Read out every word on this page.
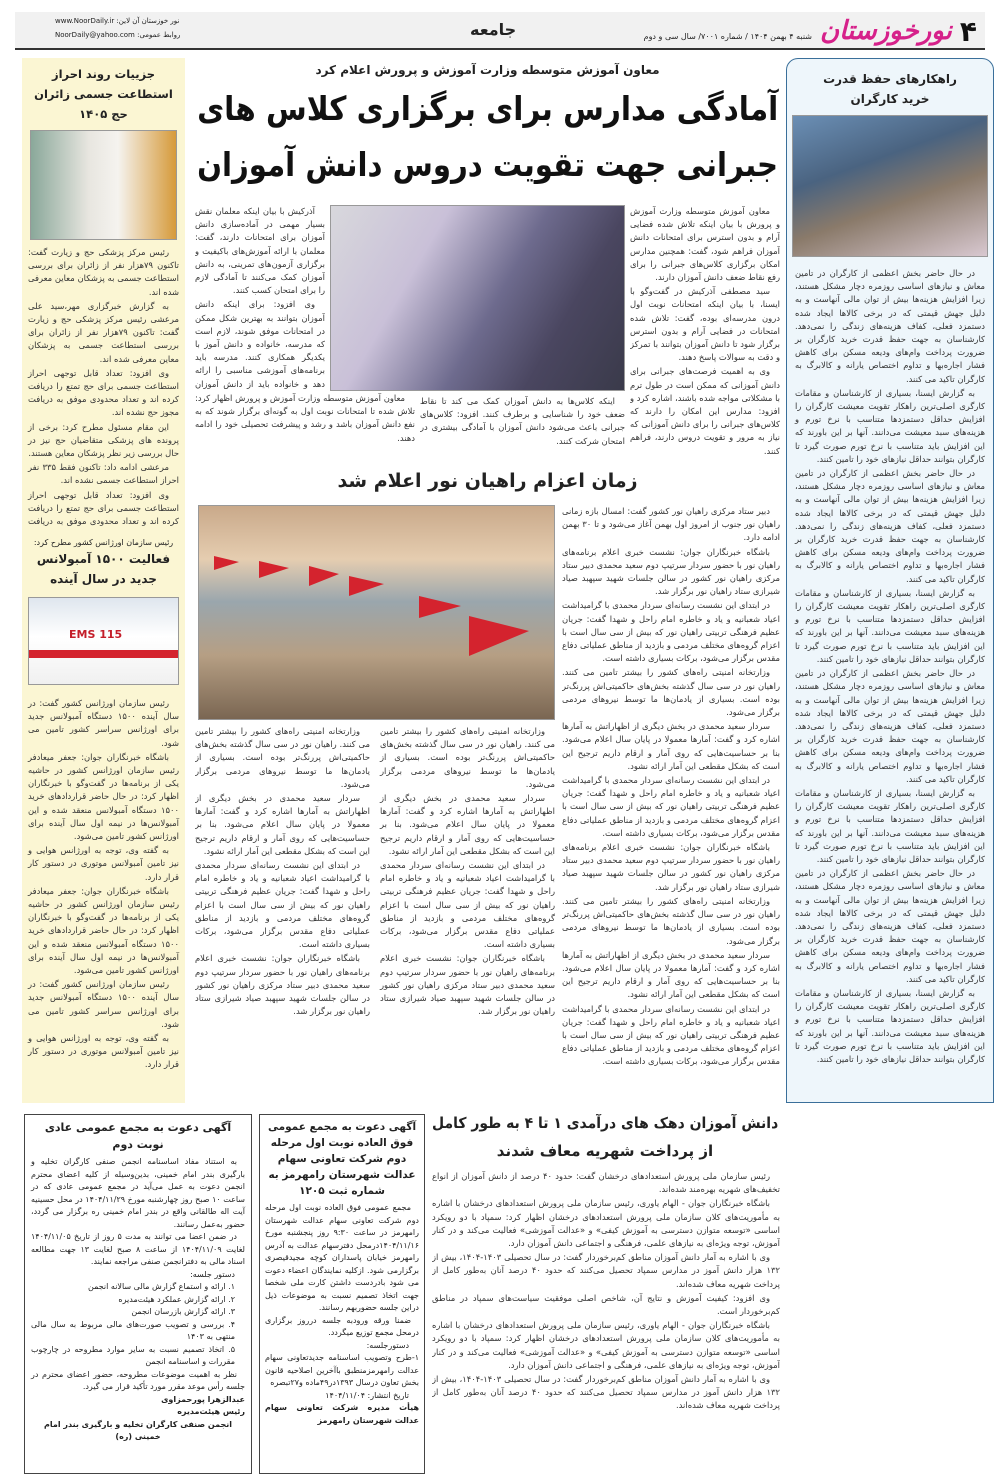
۴
نورخوزستان
شنبه ۴ بهمن ۱۴۰۴ / شماره ۷۰۰۱/ سال سی و دوم
جامعه
نور خوزستان آن لاین: www.NoorDaily.ir
روابط عمومی: NoorDaily@yahoo.com
راهکارهای حفظ قدرت خرید کارگران

در حال حاضر بخش اعظمی از کارگران در تامین معاش و نیازهای اساسی روزمره دچار مشکل هستند، زیرا افزایش هزینه‌ها بیش از توان مالی آنهاست و به دلیل جهش قیمتی که در برخی کالاها ایجاد شده دستمزد فعلی، کفاف هزینه‌های زندگی را نمی‌دهد. کارشناسان به جهت حفظ قدرت خرید کارگران بر ضرورت پرداخت وام‌های ودیعه مسکن برای کاهش فشار اجاره‌بها و تداوم اختصاص یارانه و کالابرگ به کارگران تاکید می کنند.

به گزارش ایسنا، بسیاری از کارشناسان و مقامات کارگری اصلی‌ترین راهکار تقویت معیشت کارگران را افزایش حداقل دستمزدها متناسب با نرخ تورم و هزینه‌های سبد معیشت می‌دانند. آنها بر این باورند که این افزایش باید متناسب با نرخ تورم صورت گیرد تا کارگران بتوانند حداقل نیازهای خود را تامین کنند.

در حال حاضر بخش اعظمی از کارگران در تامین معاش و نیازهای اساسی روزمره دچار مشکل هستند، زیرا افزایش هزینه‌ها بیش از توان مالی آنهاست و به دلیل جهش قیمتی که در برخی کالاها ایجاد شده دستمزد فعلی، کفاف هزینه‌های زندگی را نمی‌دهد. کارشناسان به جهت حفظ قدرت خرید کارگران بر ضرورت پرداخت وام‌های ودیعه مسکن برای کاهش فشار اجاره‌بها و تداوم اختصاص یارانه و کالابرگ به کارگران تاکید می کنند.

به گزارش ایسنا، بسیاری از کارشناسان و مقامات کارگری اصلی‌ترین راهکار تقویت معیشت کارگران را افزایش حداقل دستمزدها متناسب با نرخ تورم و هزینه‌های سبد معیشت می‌دانند. آنها بر این باورند که این افزایش باید متناسب با نرخ تورم صورت گیرد تا کارگران بتوانند حداقل نیازهای خود را تامین کنند.

در حال حاضر بخش اعظمی از کارگران در تامین معاش و نیازهای اساسی روزمره دچار مشکل هستند، زیرا افزایش هزینه‌ها بیش از توان مالی آنهاست و به دلیل جهش قیمتی که در برخی کالاها ایجاد شده دستمزد فعلی، کفاف هزینه‌های زندگی را نمی‌دهد. کارشناسان به جهت حفظ قدرت خرید کارگران بر ضرورت پرداخت وام‌های ودیعه مسکن برای کاهش فشار اجاره‌بها و تداوم اختصاص یارانه و کالابرگ به کارگران تاکید می کنند.

به گزارش ایسنا، بسیاری از کارشناسان و مقامات کارگری اصلی‌ترین راهکار تقویت معیشت کارگران را افزایش حداقل دستمزدها متناسب با نرخ تورم و هزینه‌های سبد معیشت می‌دانند. آنها بر این باورند که این افزایش باید متناسب با نرخ تورم صورت گیرد تا کارگران بتوانند حداقل نیازهای خود را تامین کنند.

در حال حاضر بخش اعظمی از کارگران در تامین معاش و نیازهای اساسی روزمره دچار مشکل هستند، زیرا افزایش هزینه‌ها بیش از توان مالی آنهاست و به دلیل جهش قیمتی که در برخی کالاها ایجاد شده دستمزد فعلی، کفاف هزینه‌های زندگی را نمی‌دهد. کارشناسان به جهت حفظ قدرت خرید کارگران بر ضرورت پرداخت وام‌های ودیعه مسکن برای کاهش فشار اجاره‌بها و تداوم اختصاص یارانه و کالابرگ به کارگران تاکید می کنند.

به گزارش ایسنا، بسیاری از کارشناسان و مقامات کارگری اصلی‌ترین راهکار تقویت معیشت کارگران را افزایش حداقل دستمزدها متناسب با نرخ تورم و هزینه‌های سبد معیشت می‌دانند. آنها بر این باورند که این افزایش باید متناسب با نرخ تورم صورت گیرد تا کارگران بتوانند حداقل نیازهای خود را تامین کنند.

جزییات روند احراز استطاعت جسمی زائران حج ۱۴۰۵

رئیس مرکز پزشکی حج و زیارت گفت: تاکنون ۷۹هزار نفر از زائران برای بررسی استطاعت جسمی به پزشکان معاین معرفی شده اند.

به گزارش خبرگزاری مهر،سید علی مرعشی رئیس مرکز پزشکی حج و زیارت گفت: تاکنون ۷۹هزار نفر از زائران برای بررسی استطاعت جسمی به پزشکان معاین معرفی شده اند.

وی افزود: تعداد قابل توجهی احراز استطاعت جسمی برای حج تمتع را دریافت کرده اند و تعداد محدودی موفق به دریافت مجوز حج نشده اند.

این مقام مسئول مطرح کرد: برخی از پرونده های پزشکی متقاضیان حج نیز در حال بررسی زیر نظر پزشکان معاین هستند.

مرعشی ادامه داد: تاکنون فقط ۳۳۵ نفر احراز استطاعت جسمی نشده اند.

وی افزود: تعداد قابل توجهی احراز استطاعت جسمی برای حج تمتع را دریافت کرده اند و تعداد محدودی موفق به دریافت

رئیس سازمان اورژانس کشور مطرح کرد:
فعالیت ۱۵۰۰ آمبولانس جدید در سال آینده
EMS 115

رئیس سازمان اورژانس کشور گفت: در سال آینده ۱۵۰۰ دستگاه آمبولانس جدید برای اورژانس سراسر کشور تامین می شود.

باشگاه خبرنگاران جوان: جعفر میعادفر رئیس سازمان اورژانس کشور در حاشیه یکی از برنامه‌ها در گفت‌وگو با خبرنگاران اظهار کرد: در حال حاضر قراردادهای خرید ۱۵۰۰ دستگاه آمبولانس منعقد شده و این آمبولانس‌ها در نیمه اول سال آینده برای اورژانس کشور تامین می‌شود.

به گفته وی، توجه به اورژانس هوایی و نیز تامین آمبولانس موتوری در دستور کار قرار دارد.

باشگاه خبرنگاران جوان: جعفر میعادفر رئیس سازمان اورژانس کشور در حاشیه یکی از برنامه‌ها در گفت‌وگو با خبرنگاران اظهار کرد: در حال حاضر قراردادهای خرید ۱۵۰۰ دستگاه آمبولانس منعقد شده و این آمبولانس‌ها در نیمه اول سال آینده برای اورژانس کشور تامین می‌شود.

رئیس سازمان اورژانس کشور گفت: در سال آینده ۱۵۰۰ دستگاه آمبولانس جدید برای اورژانس سراسر کشور تامین می شود.

به گفته وی، توجه به اورژانس هوایی و نیز تامین آمبولانس موتوری در دستور کار قرار دارد.

معاون آموزش متوسطه وزارت آموزش و پرورش اعلام کرد
آمادگی مدارس برای برگزاری کلاس های
جبرانی جهت تقویت دروس دانش آموزان

معاون آموزش متوسطه وزارت آموزش و پرورش با بیان اینکه تلاش شده فضایی آرام و بدون استرس برای امتحانات دانش آموزان فراهم شود، گفت: همچنین مدارس امکان برگزاری کلاس‌های جبرانی را برای رفع نقاط ضعف دانش آموزان دارند.

سید مصطفی آذرکیش در گفت‌وگو با ایسنا، با بیان اینکه امتحانات نوبت اول درون مدرسه‌ای بوده، گفت: تلاش شده امتحانات در فضایی آرام و بدون استرس برگزار شود تا دانش آموزان بتوانند با تمرکز و دقت به سوالات پاسخ دهند.

وی به اهمیت فرصت‌های جبرانی برای دانش آموزانی که ممکن است در طول ترم با مشکلاتی مواجه شده باشند، اشاره کرد و افزود: مدارس این امکان را دارند که کلاس‌های جبرانی را برای دانش آموزانی که نیاز به مرور و تقویت دروس دارند، فراهم کنند.

اینکه کلاس‌ها به دانش آموزان کمک می کند تا نقاط ضعف خود را شناسایی و برطرف کنند. افزود: کلاس‌های جبرانی باعث می‌شود دانش آموزان با آمادگی بیشتری در امتحان شرکت کنند.

آذرکیش با بیان اینکه معلمان نقش بسیار مهمی در آماده‌سازی دانش آموزان برای امتحانات دارند، گفت: معلمان با ارائه آموزش‌های باکیفیت و برگزاری آزمون‌های تمرینی، به دانش آموزان کمک می‌کنند تا آمادگی لازم را برای امتحان کسب کنند.

وی افزود: برای اینکه دانش آموزان بتوانند به بهترین شکل ممکن در امتحانات موفق شوند، لازم است که مدرسه، خانواده و دانش آموز با یکدیگر همکاری کنند. مدرسه باید برنامه‌های آموزشی مناسبی را ارائه دهد و خانواده باید از دانش آموزان

معاون آموزش متوسطه وزارت آموزش و پرورش اظهار کرد: تلاش شده تا امتحانات نوبت اول به گونه‌ای برگزار شوند که به نفع دانش آموزان باشد و رشد و پیشرفت تحصیلی خود را ادامه دهند.

زمان اعزام راهیان نور اعلام شد

دبیر ستاد مرکزی راهیان نور کشور گفت: امسال بازه زمانی راهیان نور جنوب از امروز اول بهمن آغاز می‌شود و تا ۳۰ بهمن ادامه دارد.

باشگاه خبرنگاران جوان: نشست خبری اعلام برنامه‌های راهیان نور با حضور سردار سرتیپ دوم سعید محمدی دبیر ستاد مرکزی راهیان نور کشور در سالن جلسات شهید سپهبد صیاد شیرازی ستاد راهیان نور برگزار شد.

در ابتدای این نشست رسانه‌ای سردار محمدی با گرامیداشت اعیاد شعبانیه و یاد و خاطره امام راحل و شهدا گفت: جریان عظیم فرهنگی تربیتی راهیان نور که بیش از سی سال است با اعزام گروه‌های مختلف مردمی و بازدید از مناطق عملیاتی دفاع مقدس برگزار می‌شود، برکات بسیاری داشته است.

وزارتخانه امنیتی راه‌های کشور را بیشتر تامین می کنند. راهیان نور در سی سال گذشته بخش‌های حاکمیتی‌اش پررنگ‌تر بوده است. بسیاری از یادمان‌ها ما توسط نیروهای مردمی برگزار می‌شود.

سردار سعید محمدی در بخش دیگری از اظهاراتش به آمارها اشاره کرد و گفت: آمارها معمولا در پایان سال اعلام می‌شود. بنا بر حساسیت‌هایی که روی آمار و ارقام داریم ترجیح این است که بشکل مقطعی این آمار ارائه نشود.

در ابتدای این نشست رسانه‌ای سردار محمدی با گرامیداشت اعیاد شعبانیه و یاد و خاطره امام راحل و شهدا گفت: جریان عظیم فرهنگی تربیتی راهیان نور که بیش از سی سال است با اعزام گروه‌های مختلف مردمی و بازدید از مناطق عملیاتی دفاع مقدس برگزار می‌شود، برکات بسیاری داشته است.

باشگاه خبرنگاران جوان: نشست خبری اعلام برنامه‌های راهیان نور با حضور سردار سرتیپ دوم سعید محمدی دبیر ستاد مرکزی راهیان نور کشور در سالن جلسات شهید سپهبد صیاد شیرازی ستاد راهیان نور برگزار شد.

وزارتخانه امنیتی راه‌های کشور را بیشتر تامین می کنند. راهیان نور در سی سال گذشته بخش‌های حاکمیتی‌اش پررنگ‌تر بوده است. بسیاری از یادمان‌ها ما توسط نیروهای مردمی برگزار می‌شود.

سردار سعید محمدی در بخش دیگری از اظهاراتش به آمارها اشاره کرد و گفت: آمارها معمولا در پایان سال اعلام می‌شود. بنا بر حساسیت‌هایی که روی آمار و ارقام داریم ترجیح این است که بشکل مقطعی این آمار ارائه نشود.

در ابتدای این نشست رسانه‌ای سردار محمدی با گرامیداشت اعیاد شعبانیه و یاد و خاطره امام راحل و شهدا گفت: جریان عظیم فرهنگی تربیتی راهیان نور که بیش از سی سال است با اعزام گروه‌های مختلف مردمی و بازدید از مناطق عملیاتی دفاع مقدس برگزار می‌شود، برکات بسیاری داشته است.

وزارتخانه امنیتی راه‌های کشور را بیشتر تامین می کنند. راهیان نور در سی سال گذشته بخش‌های حاکمیتی‌اش پررنگ‌تر بوده است. بسیاری از یادمان‌ها ما توسط نیروهای مردمی برگزار می‌شود.

سردار سعید محمدی در بخش دیگری از اظهاراتش به آمارها اشاره کرد و گفت: آمارها معمولا در پایان سال اعلام می‌شود. بنا بر حساسیت‌هایی که روی آمار و ارقام داریم ترجیح این است که بشکل مقطعی این آمار ارائه نشود.

در ابتدای این نشست رسانه‌ای سردار محمدی با گرامیداشت اعیاد شعبانیه و یاد و خاطره امام راحل و شهدا گفت: جریان عظیم فرهنگی تربیتی راهیان نور که بیش از سی سال است با اعزام گروه‌های مختلف مردمی و بازدید از مناطق عملیاتی دفاع مقدس برگزار می‌شود، برکات بسیاری داشته است.

باشگاه خبرنگاران جوان: نشست خبری اعلام برنامه‌های راهیان نور با حضور سردار سرتیپ دوم سعید محمدی دبیر ستاد مرکزی راهیان نور کشور در سالن جلسات شهید سپهبد صیاد شیرازی ستاد راهیان نور برگزار شد.

وزارتخانه امنیتی راه‌های کشور را بیشتر تامین می کنند. راهیان نور در سی سال گذشته بخش‌های حاکمیتی‌اش پررنگ‌تر بوده است. بسیاری از یادمان‌ها ما توسط نیروهای مردمی برگزار می‌شود.

سردار سعید محمدی در بخش دیگری از اظهاراتش به آمارها اشاره کرد و گفت: آمارها معمولا در پایان سال اعلام می‌شود. بنا بر حساسیت‌هایی که روی آمار و ارقام داریم ترجیح این است که بشکل مقطعی این آمار ارائه نشود.

در ابتدای این نشست رسانه‌ای سردار محمدی با گرامیداشت اعیاد شعبانیه و یاد و خاطره امام راحل و شهدا گفت: جریان عظیم فرهنگی تربیتی راهیان نور که بیش از سی سال است با اعزام گروه‌های مختلف مردمی و بازدید از مناطق عملیاتی دفاع مقدس برگزار می‌شود، برکات بسیاری داشته است.

باشگاه خبرنگاران جوان: نشست خبری اعلام برنامه‌های راهیان نور با حضور سردار سرتیپ دوم سعید محمدی دبیر ستاد مرکزی راهیان نور کشور در سالن جلسات شهید سپهبد صیاد شیرازی ستاد راهیان نور برگزار شد.

دانش آموزان دهک های درآمدی ۱ تا ۴ به طور کامل
از پرداخت شهریه معاف شدند

رئیس سازمان ملی پرورش استعدادهای درخشان گفت: حدود ۴۰ درصد از دانش آموزان از انواع تخفیف‌های شهریه بهره‌مند شده‌اند.

باشگاه خبرنگاران جوان - الهام یاوری، رئیس سازمان ملی پرورش استعدادهای درخشان با اشاره به مأموریت‌های کلان سازمان ملی پرورش استعدادهای درخشان اظهار کرد: سمپاد با دو رویکرد اساسی «توسعه متوازن دسترسی به آموزش کیفی» و «عدالت آموزشی» فعالیت می‌کند و در کنار آموزش، توجه ویژه‌ای به نیازهای علمی، فرهنگی و اجتماعی دانش آموزان دارد.

وی با اشاره به آمار دانش آموزان مناطق کم‌برخوردار گفت: در سال تحصیلی ۱۴۰۳-۱۴۰۴، بیش از ۱۳۲ هزار دانش آموز در مدارس سمپاد تحصیل می‌کنند که حدود ۴۰ درصد آنان به‌طور کامل از پرداخت شهریه معاف شده‌اند.

وی افزود: کیفیت آموزش و نتایج آن، شاخص اصلی موفقیت سیاست‌های سمپاد در مناطق کم‌برخوردار است.

باشگاه خبرنگاران جوان - الهام یاوری، رئیس سازمان ملی پرورش استعدادهای درخشان با اشاره به مأموریت‌های کلان سازمان ملی پرورش استعدادهای درخشان اظهار کرد: سمپاد با دو رویکرد اساسی «توسعه متوازن دسترسی به آموزش کیفی» و «عدالت آموزشی» فعالیت می‌کند و در کنار آموزش، توجه ویژه‌ای به نیازهای علمی، فرهنگی و اجتماعی دانش آموزان دارد.

وی با اشاره به آمار دانش آموزان مناطق کم‌برخوردار گفت: در سال تحصیلی ۱۴۰۳-۱۴۰۴، بیش از ۱۳۲ هزار دانش آموز در مدارس سمپاد تحصیل می‌کنند که حدود ۴۰ درصد آنان به‌طور کامل از پرداخت شهریه معاف شده‌اند.

آگهی دعوت به مجمع عمومی عادی نوبت دوم
به استناد مفاد اساسنامه انجمن صنفی کارگران تخلیه و بارگیری بندر امام خمینی، بدین‌وسیله از کلیه اعضای محترم انجمن دعوت به عمل می‌آید در مجمع عمومی عادی که در ساعت ۱۰ صبح روز چهارشنبه مورخ ۱۴۰۴/۱۱/۲۹ در محل حسینیه آیت اله طالقانی واقع در بندر امام خمینی ره برگزار می گردد، حضور به‌عمل رسانند.
در ضمن اعضا می توانند به مدت ۵ روز از تاریخ ۱۴۰۴/۱۱/۰۵ لغایت ۱۴۰۴/۱۱/۰۹ از ساعت ۸ صبح لغایت ۱۳ جهت مطالعه اسناد مالی به دفترانجمن صنفی مراجعه نمایند.
دستور جلسه:
۱. ارائه و استماع گزارش مالی سالانه انجمن
۲. ارائه گزارش عملکرد هیئت‌مدیره
۳. ارائه گزارش بازرسان انجمن
۴. بررسی و تصویب صورت‌های مالی مربوط به سال مالی منتهی به ۱۴۰۳
۵. اتخاذ تصمیم نسبت به سایر موارد مطروحه در چارچوب مقررات و اساسنامه انجمن
نظر به اهمیت موضوعات مطروحه، حضور اعضای محترم در جلسه رأس موعد مقرر مورد تأکید قرار می گیرد.
عبدالزهرا پورحمزاوی
رئیس هیئت‌مدیره
انجمن صنفی کارگران تخلیه و بارگیری بندر امام خمینی (ره)
آگهی دعوت به مجمع عمومی فوق العاده نوبت اول مرحله دوم شرکت تعاونی سهام عدالت شهرستان رامهرمز به شماره ثبت ۱۲۰۵
مجمع عمومی فوق العاده نوبت اول مرحله دوم شرکت تعاونی سهام عدالت شهرستان رامهرمز در ساعت ۹:۳۰ روز پنجشنبه مورخ ۱۴۰۴/۱۱/۱۶درمحل دفترسهام عدالت به آدرس رامهرمز خیابان پاسداران کوچه مجیدقیصری برگزارمی شود. ازکلیه نمایندگان اعضاء دعوت می شود بادردست داشتن کارت ملی شخصا جهت اتخاذ تصمیم نسبت به موضوعات ذیل دراین جلسه حضوربهم رسانند.
ضمنا ورقه ورودبه جلسه درروز برگزاری درمحل مجمع توزیع میگردد.
دستورجلسه:
۱-طرح وتصویب اساسنامه جدیدتعاونی سهام عدالت رامهرمزمنطبق باآخرین اصلاحیه قانون بخش تعاون درسال ۱۳۹۳در۴۹ماده و۲۷تبصره
تاریخ انتشار: ۱۴۰۴/۱۱/۰۴
هیأت مدیره شرکت تعاونی سهام عدالت شهرستان رامهرمز
